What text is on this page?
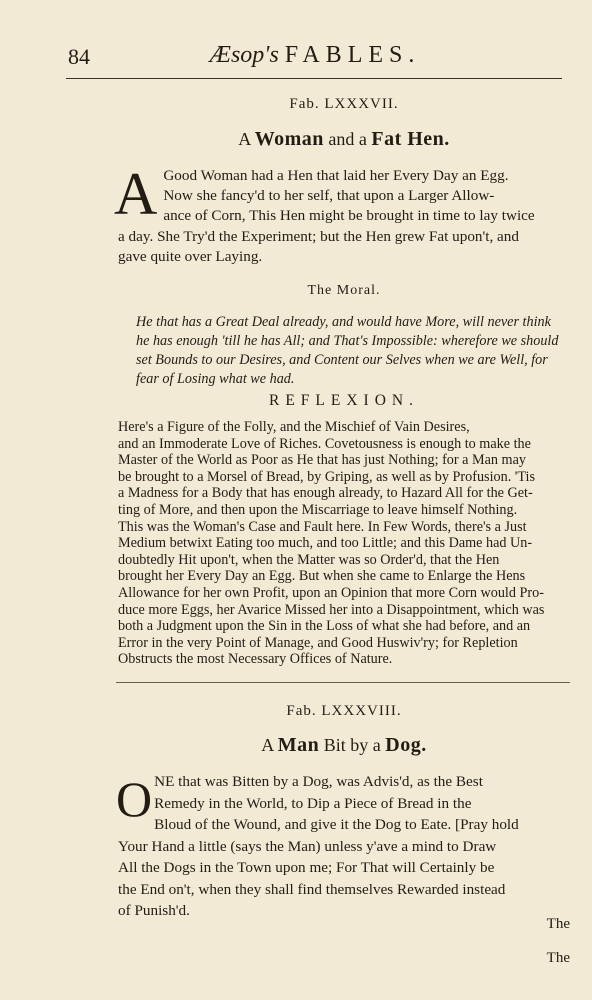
84	Æsop's FABLES.
Fab. LXXXVII.
A Woman and a Fat Hen.
A Good Woman had a Hen that laid her Every Day an Egg.
Now she fancy'd to her self, that upon a Larger Allow-
ance of Corn, This Hen might be brought in time to lay twice
a day. She Try'd the Experiment; but the Hen grew Fat upon't, and
gave quite over Laying.
The Moral.
He that has a Great Deal already, and would have More, will never think
he has enough 'till he has All; and That's Impossible: wherefore we should
set Bounds to our Desires, and Content our Selves when we are Well, for
fear of Losing what we had.
REFLEXION.
Here's a Figure of the Folly, and the Mischief of Vain Desires,
and an Immoderate Love of Riches. Covetousness is enough to make the
Master of the World as Poor as He that has just Nothing; for a Man may
be brought to a Morsel of Bread, by Griping, as well as by Profusion. 'Tis
a Madness for a Body that has enough already, to Hazard All for the Get-
ting of More, and then upon the Miscarriage to leave himself Nothing.
This was the Woman's Case and Fault here. In Few Words, there's a Just
Medium betwixt Eating too much, and too Little; and this Dame had Un-
doubtedly Hit upon't, when the Matter was so Order'd, that the Hen
brought her Every Day an Egg. But when she came to Enlarge the Hens
Allowance for her own Profit, upon an Opinion that more Corn would Pro-
duce more Eggs, her Avarice Missed her into a Disappointment, which was
both a Judgment upon the Sin in the Loss of what she had before, and an
Error in the very Point of Manage, and Good Huswiv'ry; for Repletion
Obstructs the most Necessary Offices of Nature.
Fab. LXXXVIII.
A Man Bit by a Dog.
O NE that was Bitten by a Dog, was Advis'd, as the Best
Remedy in the World, to Dip a Piece of Bread in the
Bloud of the Wound, and give it the Dog to Eate. [Pray hold
Your Hand a little (says the Man) unless y'ave a mind to Draw
All the Dogs in the Town upon me; For That will Certainly be
the End on't, when they shall find themselves Rewarded instead
of Punish'd.
The
The
